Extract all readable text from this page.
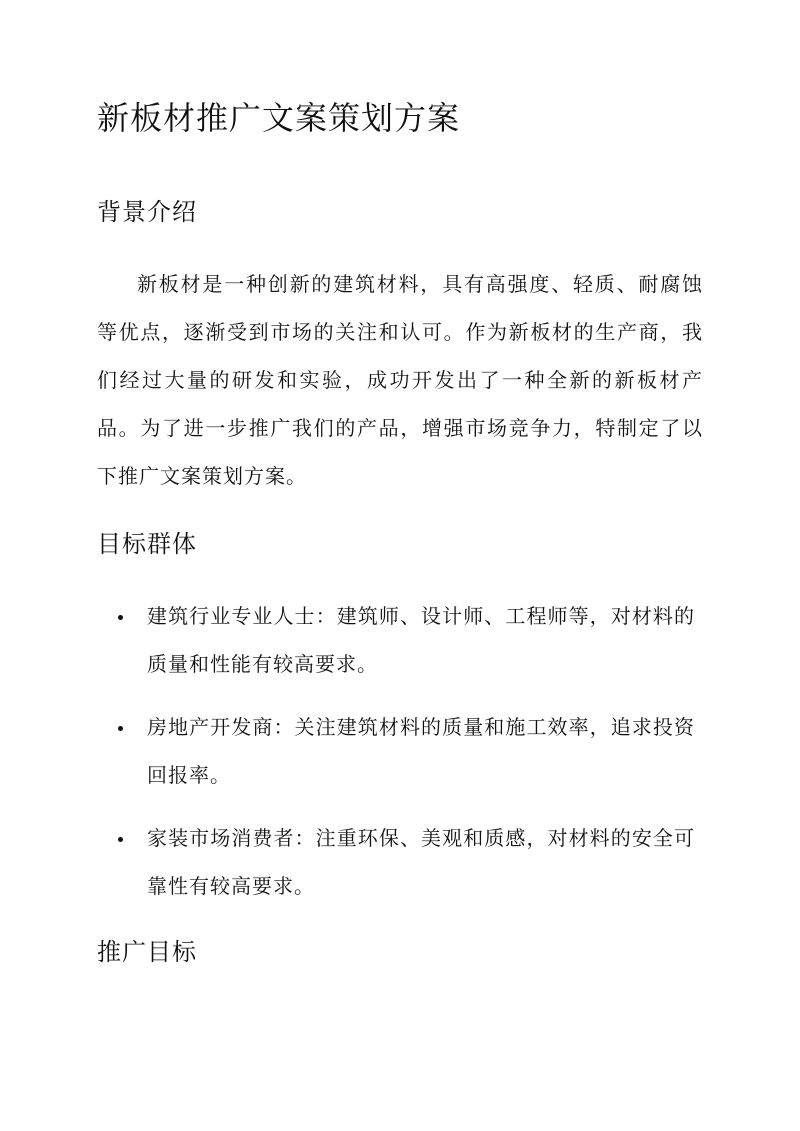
新板材推广文案策划方案
背景介绍

新板材是一种创新的建筑材料，具有高强度、轻质、耐腐蚀等优点，逐渐受到市场的关注和认可。作为新板材的生产商，我们经过大量的研发和实验，成功开发出了一种全新的新板材产品。为了进一步推广我们的产品，增强市场竞争力，特制定了以下推广文案策划方案。

目标群体
建筑行业专业人士：建筑师、设计师、工程师等，对材料的质量和性能有较高要求。
房地产开发商：关注建筑材料的质量和施工效率，追求投资回报率。
家装市场消费者：注重环保、美观和质感，对材料的安全可靠性有较高要求。
推广目标
